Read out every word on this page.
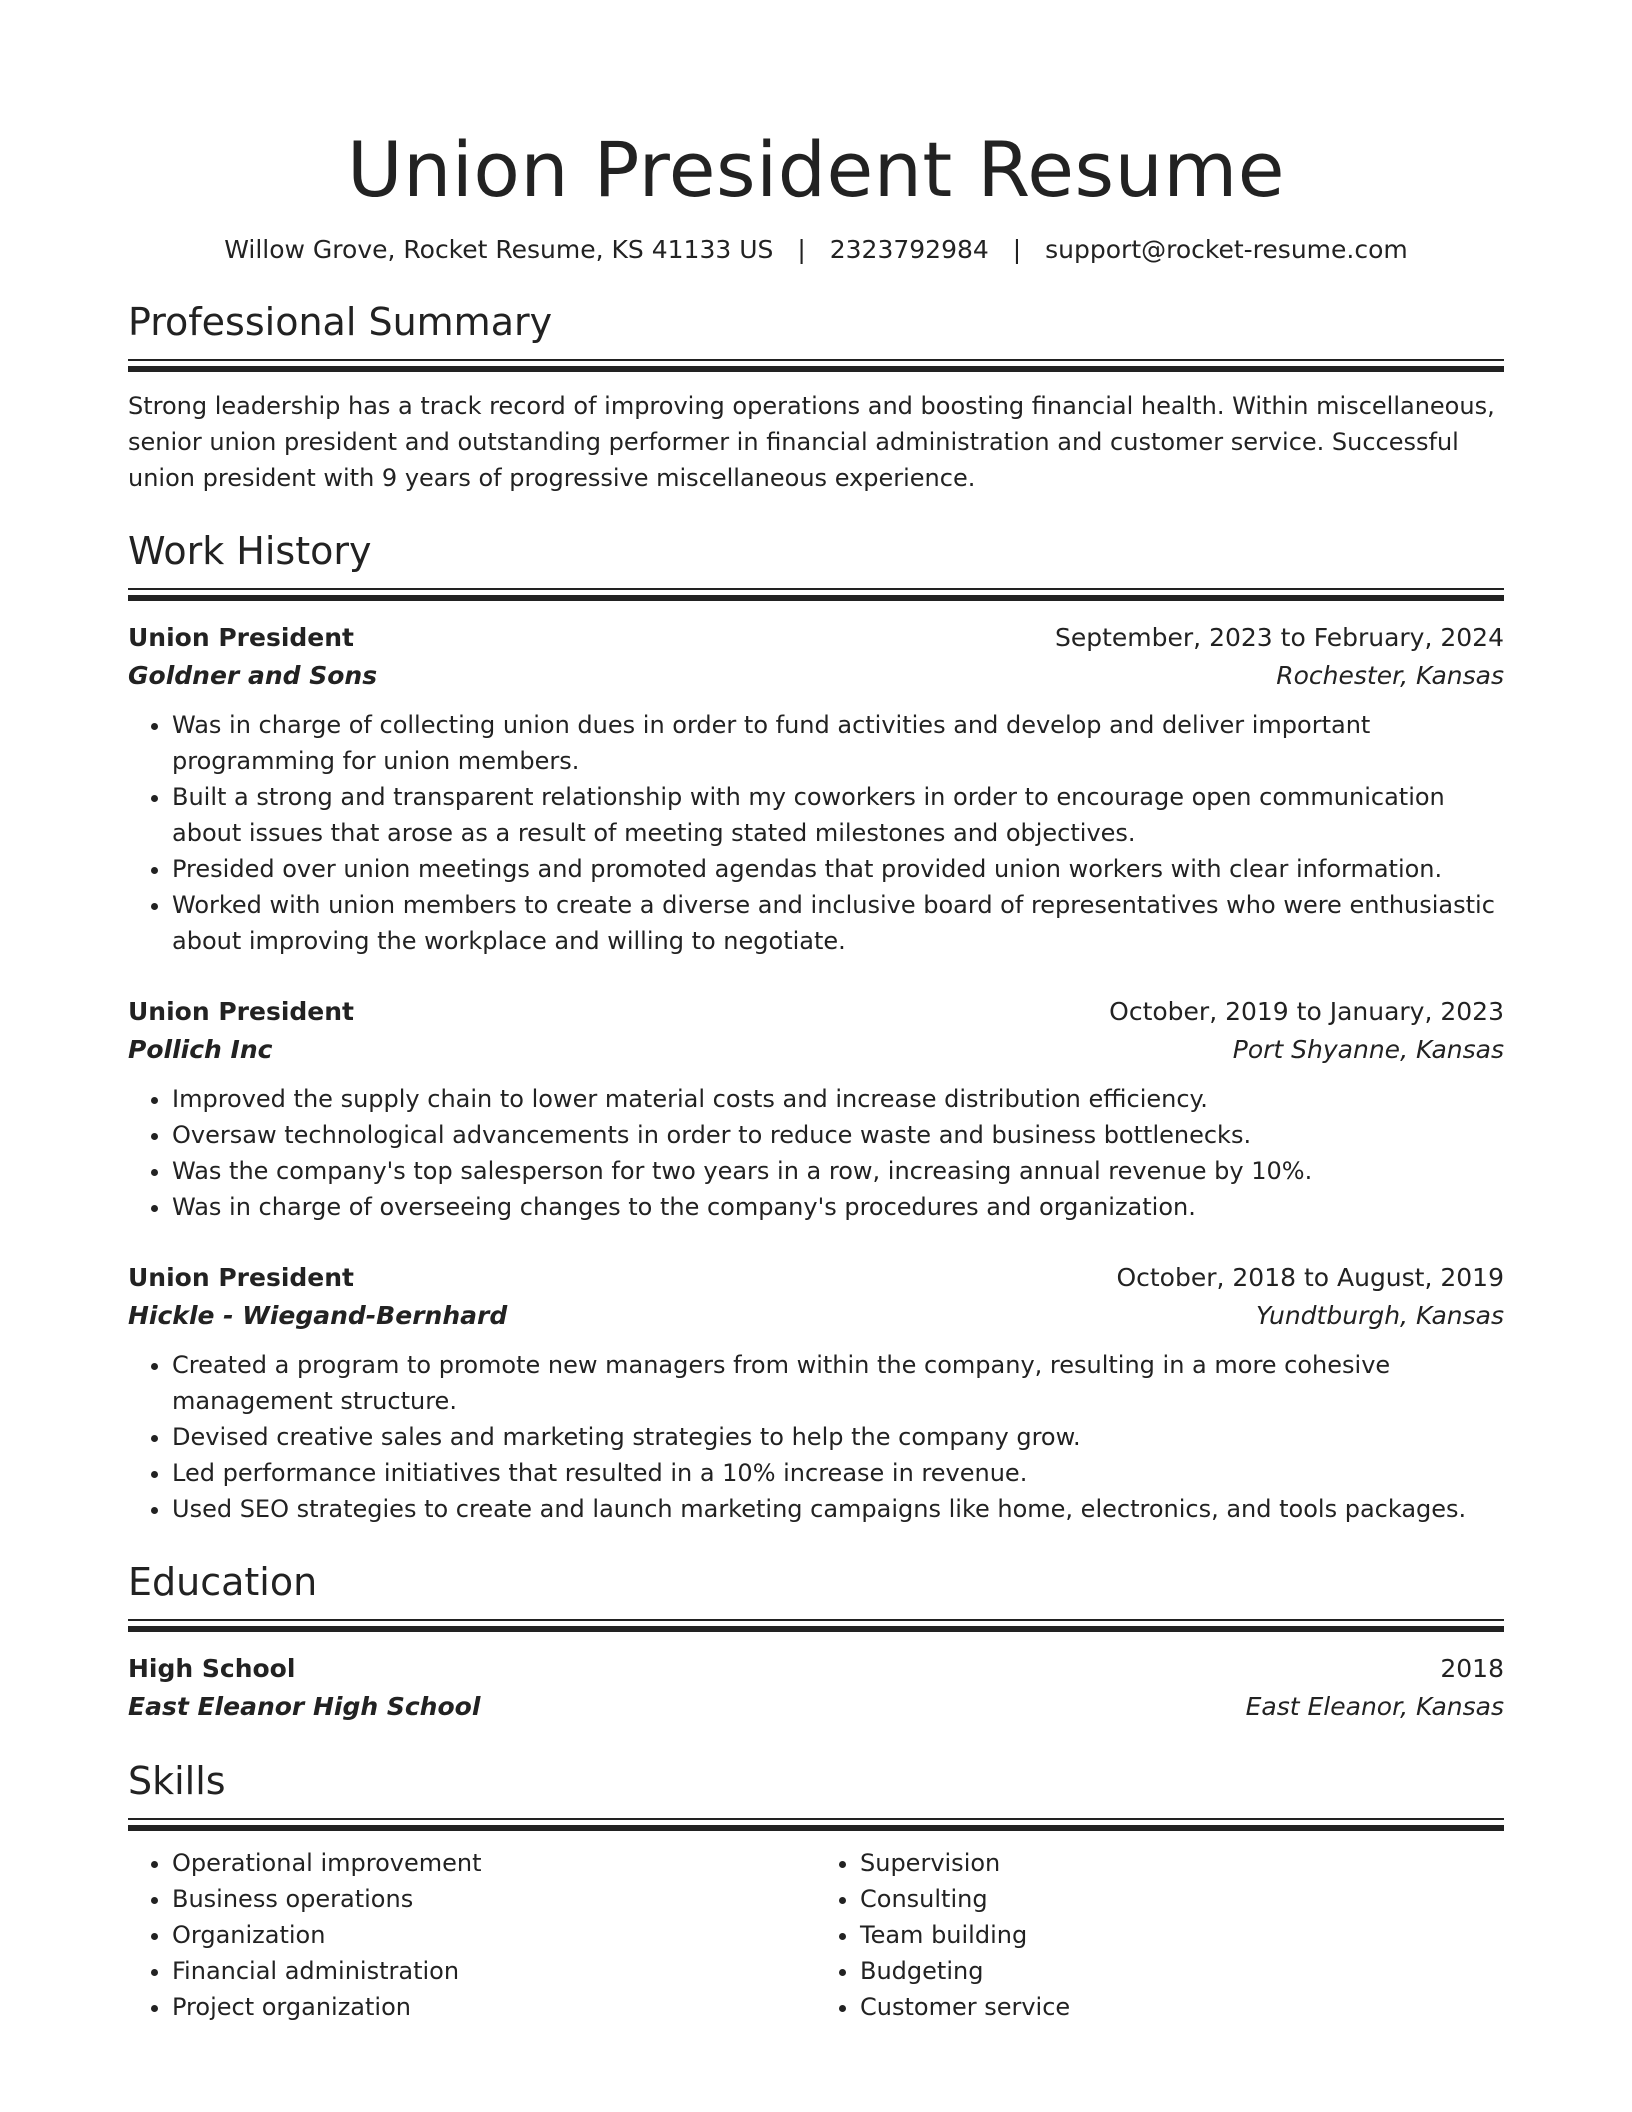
Union President Resume
Willow Grove, Rocket Resume, KS 41133 US | 2323792984 | support@rocket-resume.com
Professional Summary
Strong leadership has a track record of improving operations and boosting financial health. Within miscellaneous, senior union president and outstanding performer in financial administration and customer service. Successful union president with 9 years of progressive miscellaneous experience.
Work History
Union President	September, 2023 to February, 2024
Goldner and Sons	Rochester, Kansas
• Was in charge of collecting union dues in order to fund activities and develop and deliver important programming for union members.
• Built a strong and transparent relationship with my coworkers in order to encourage open communication about issues that arose as a result of meeting stated milestones and objectives.
• Presided over union meetings and promoted agendas that provided union workers with clear information.
• Worked with union members to create a diverse and inclusive board of representatives who were enthusiastic about improving the workplace and willing to negotiate.
Union President	October, 2019 to January, 2023
Pollich Inc	Port Shyanne, Kansas
• Improved the supply chain to lower material costs and increase distribution efficiency.
• Oversaw technological advancements in order to reduce waste and business bottlenecks.
• Was the company's top salesperson for two years in a row, increasing annual revenue by 10%.
• Was in charge of overseeing changes to the company's procedures and organization.
Union President	October, 2018 to August, 2019
Hickle - Wiegand-Bernhard	Yundtburgh, Kansas
• Created a program to promote new managers from within the company, resulting in a more cohesive management structure.
• Devised creative sales and marketing strategies to help the company grow.
• Led performance initiatives that resulted in a 10% increase in revenue.
• Used SEO strategies to create and launch marketing campaigns like home, electronics, and tools packages.
Education
High School	2018
East Eleanor High School	East Eleanor, Kansas
Skills
• Operational improvement
• Business operations
• Organization
• Financial administration
• Project organization
• Supervision
• Consulting
• Team building
• Budgeting
• Customer service
